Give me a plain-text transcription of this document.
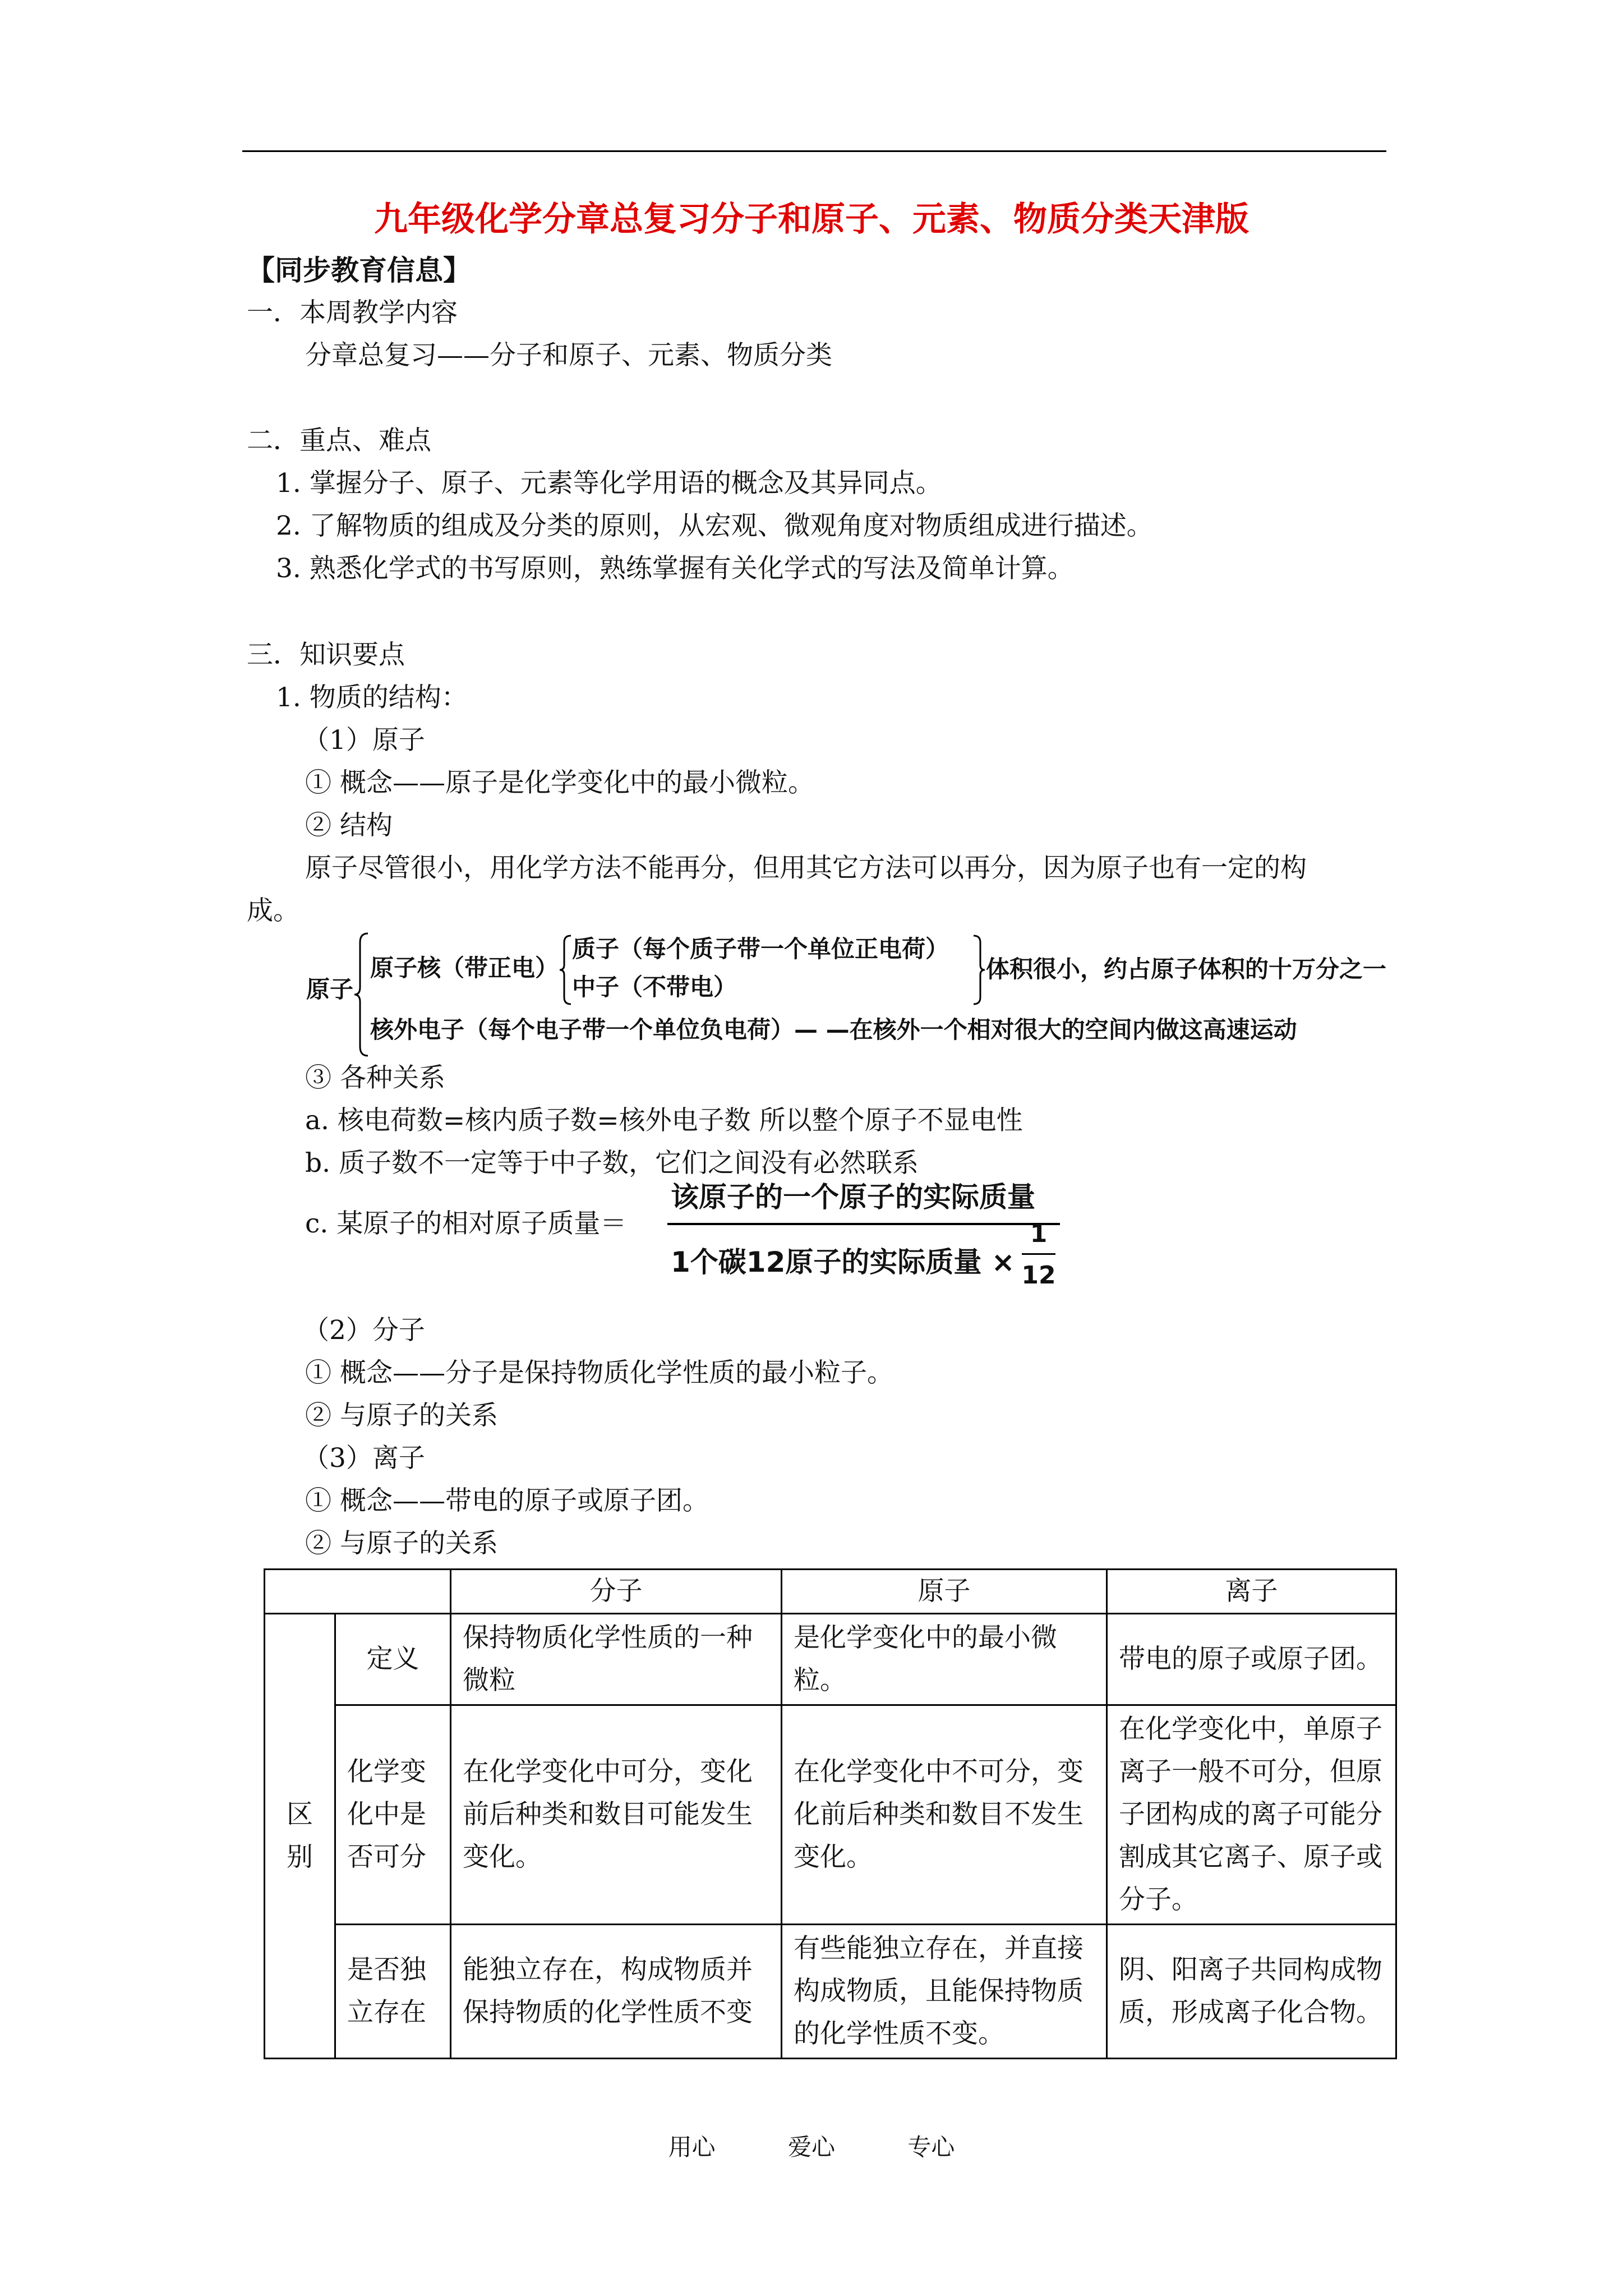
九年级化学分章总复习分子和原子、元素、物质分类天津版
【同步教育信息】
一．本周教学内容
分章总复习——分子和原子、元素、物质分类
二．重点、难点
1. 掌握分子、原子、元素等化学用语的概念及其异同点。
2. 了解物质的组成及分类的原则，从宏观、微观角度对物质组成进行描述。
3. 熟悉化学式的书写原则，熟练掌握有关化学式的写法及简单计算。
三．知识要点
1. 物质的结构：
（1）原子
① 概念——原子是化学变化中的最小微粒。
② 结构
原子尽管很小，用化学方法不能再分，但用其它方法可以再分，因为原子也有一定的构
成。
原子
原子核（带正电）
质子（每个质子带一个单位正电荷）
中子（不带电）
体积很小，约占原子体积的十万分之一
核外电子（每个电子带一个单位负电荷）— —在核外一个相对很大的空间内做这高速运动
③ 各种关系
a. 核电荷数=核内质子数=核外电子数 所以整个原子不显电性
b. 质子数不一定等于中子数，它们之间没有必然联系
c. 某原子的相对原子质量＝
该原子的一个原子的实际质量
1个碳12原子的实际质量 ×
1
12
（2）分子
① 概念——分子是保持物质化学性质的最小粒子。
② 与原子的关系
（3）离子
① 概念——带电的原子或原子团。
② 与原子的关系
		分子	原子	离子
区别	定义	保持物质化学性质的一种微粒	是化学变化中的最小微粒。	带电的原子或原子团。
	化学变化中是否可分	在化学变化中可分，变化前后种类和数目可能发生变化。	在化学变化中不可分，变化前后种类和数目不发生变化。	在化学变化中，单原子离子一般不可分，但原子团构成的离子可能分割成其它离子、原子或分子。
	是否独立存在	能独立存在，构成物质并保持物质的化学性质不变	有些能独立存在，并直接构成物质，且能保持物质的化学性质不变。	阴、阳离子共同构成物质，形成离子化合物。
用心	爱心	专心
